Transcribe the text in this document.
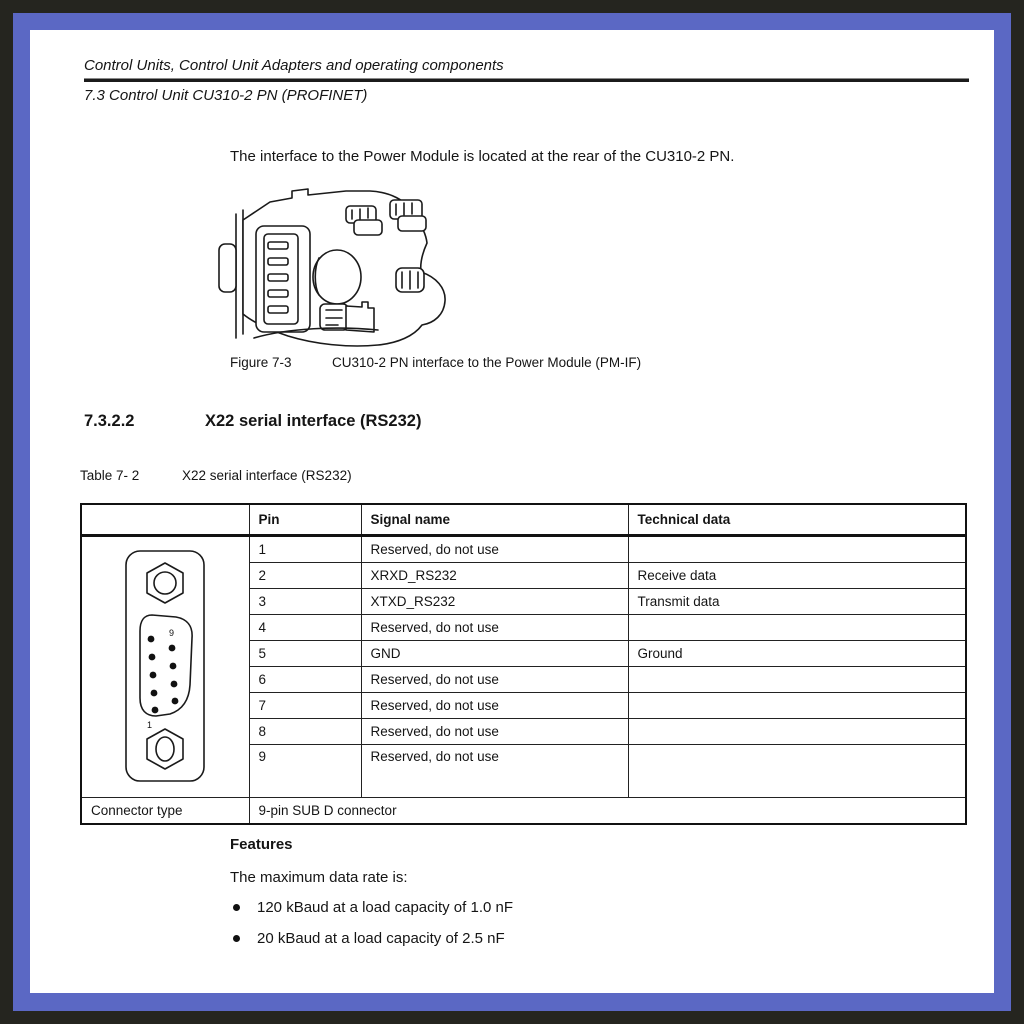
Control Units, Control Unit Adapters and operating components
7.3 Control Unit CU310-2 PN (PROFINET)
The interface to the Power Module is located at the rear of the CU310-2 PN.
Figure 7-3	CU310-2 PN interface to the Power Module (PM-IF)
7.3.2.2	X22 serial interface (RS232)
Table 7- 2	X22 serial interface (RS232)
	Pin	Signal name	Technical data

9
1	1	Reserved, do not use	
	2	XRXD_RS232	Receive data
	3	XTXD_RS232	Transmit data
	4	Reserved, do not use	
	5	GND	Ground
	6	Reserved, do not use	
	7	Reserved, do not use	
	8	Reserved, do not use	
	9	Reserved, do not use	
Connector type	9-pin SUB D connector		
Features

The maximum data rate is:

120 kBaud at a load capacity of 1.0 nF
20 kBaud at a load capacity of 2.5 nF
